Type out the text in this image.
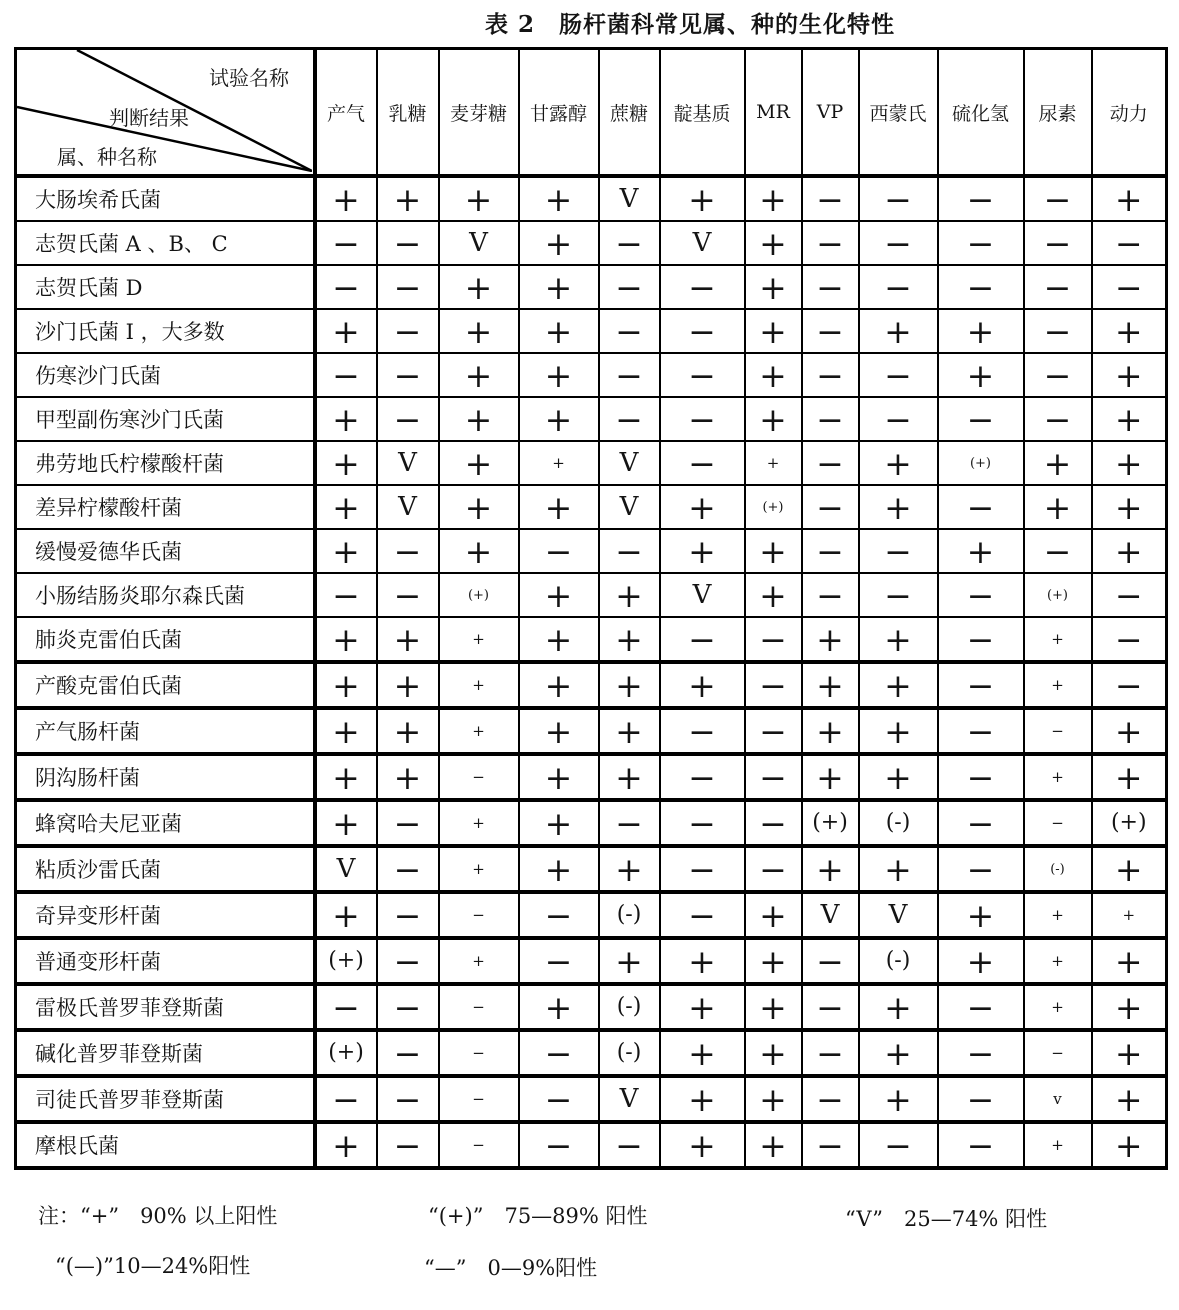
表 2　肠杆菌科常见属、种的生化特性
试验名称
判断结果
属、种名称	产气	乳糖	麦芽糖	甘露醇	蔗糖	靛基质	MR	VP	西蒙氏	硫化氢	尿素	动力
大肠埃希氏菌	+	+	+	+	V	+	+	−	−	−	−	+
志贺氏菌 A 、B、 C	−	−	V	+	−	V	+	−	−	−	−	−
志贺氏菌 D	−	−	+	+	−	−	+	−	−	−	−	−
沙门氏菌 I ，大多数	+	−	+	+	−	−	+	−	+	+	−	+
伤寒沙门氏菌	−	−	+	+	−	−	+	−	−	+	−	+
甲型副伤寒沙门氏菌	+	−	+	+	−	−	+	−	−	−	−	+
弗劳地氏柠檬酸杆菌	+	V	+	+	V	−	+	−	+	(+)	+	+
差异柠檬酸杆菌	+	V	+	+	V	+	(+)	−	+	−	+	+
缓慢爱德华氏菌	+	−	+	−	−	+	+	−	−	+	−	+
小肠结肠炎耶尔森氏菌	−	−	(+)	+	+	V	+	−	−	−	(+)	−
肺炎克雷伯氏菌	+	+	+	+	+	−	−	+	+	−	+	−
产酸克雷伯氏菌	+	+	+	+	+	+	−	+	+	−	+	−
产气肠杆菌	+	+	+	+	+	−	−	+	+	−	−	+
阴沟肠杆菌	+	+	−	+	+	−	−	+	+	−	+	+
蜂窝哈夫尼亚菌	+	−	+	+	−	−	−	(+)	(-)	−	−	(+)
粘质沙雷氏菌	V	−	+	+	+	−	−	+	+	−	(-)	+
奇异变形杆菌	+	−	−	−	(-)	−	+	V	V	+	+	+
普通变形杆菌	(+)	−	+	−	+	+	+	−	(-)	+	+	+
雷极氏普罗菲登斯菌	−	−	−	+	(-)	+	+	−	+	−	+	+
碱化普罗菲登斯菌	(+)	−	−	−	(-)	+	+	−	+	−	−	+
司徒氏普罗菲登斯菌	−	−	−	−	V	+	+	−	+	−	v	+
摩根氏菌	+	−	−	−	−	+	+	−	−	−	+	+
注：“+”　90% 以上阳性	“(+)”　75—89% 阳性	“V”　25—74% 阳性
“(—)”10—24%阳性	“—”　0—9%阳性
